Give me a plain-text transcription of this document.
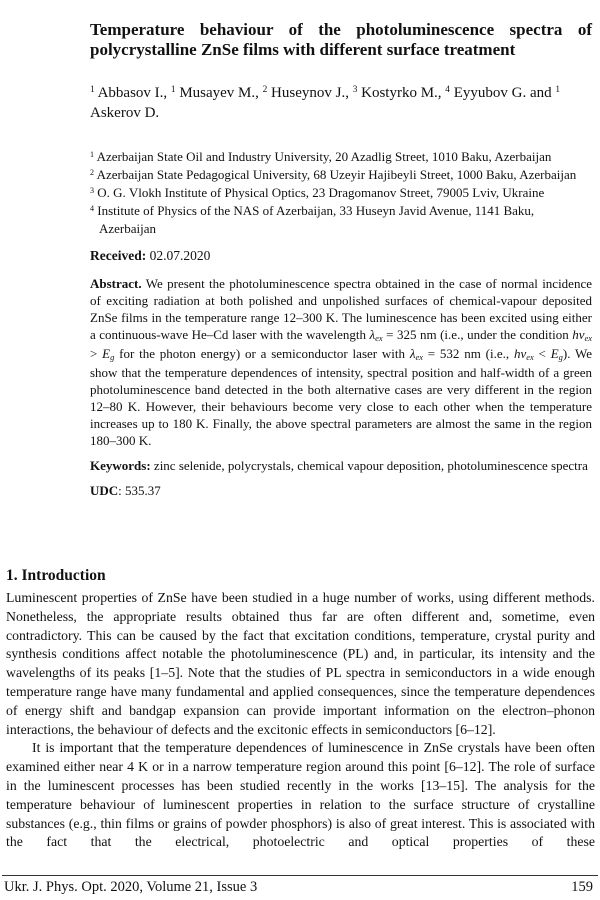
Temperature behaviour of the photoluminescence spectra of polycrystalline ZnSe films with different surface treatment

$^1$ Abbasov I., $^1$ Musayev M., $^2$ Huseynov J., $^3$ Kostyrko M., $^4$ Eyyubov G. and $^1$ Askerov D.

$^1$ Azerbaijan State Oil and Industry University, 20 Azadlig Street, 1010 Baku, Azerbaijan
$^2$ Azerbaijan State Pedagogical University, 68 Uzeyir Hajibeyli Street, 1000 Baku, Azerbaijan
$^3$ O. G. Vlokh Institute of Physical Optics, 23 Dragomanov Street, 79005 Lviv, Ukraine
$^4$ Institute of Physics of the NAS of Azerbaijan, 33 Huseyn Javid Avenue, 1141 Baku, Azerbaijan

Received: 02.07.2020

Abstract. We present the photoluminescence spectra obtained in the case of normal incidence of exciting radiation at both polished and unpolished surfaces of chemical-vapour deposited ZnSe films in the temperature range 12–300 K. The luminescence has been excited using either a continuous-wave He–Cd laser with the wavelength λex = 325 nm (i.e., under the condition hνex > Eg for the photon energy) or a semiconductor laser with λex = 532 nm (i.e., hνex < Eg). We show that the temperature dependences of intensity, spectral position and half-width of a green photoluminescence band detected in the both alternative cases are very different in the region 12–80 K. However, their behaviours become very close to each other when the temperature increases up to 180 K. Finally, the above spectral parameters are almost the same in the region 180–300 K.

Keywords: zinc selenide, polycrystals, chemical vapour deposition, photoluminescence spectra

UDC: 535.37

1. Introduction

Luminescent properties of ZnSe have been studied in a huge number of works, using different methods. Nonetheless, the appropriate results obtained thus far are often different and, sometime, even contradictory. This can be caused by the fact that excitation conditions, temperature, crystal purity and synthesis conditions affect notable the photoluminescence (PL) and, in particular, its intensity and the wavelengths of its peaks [1–5]. Note that the studies of PL spectra in semiconductors in a wide enough temperature range have many fundamental and applied consequences, since the temperature dependences of energy shift and bandgap expansion can provide important information on the electron–phonon interactions, the behaviour of defects and the excitonic effects in semiconductors [6–12].

It is important that the temperature dependences of luminescence in ZnSe crystals have been often examined either near 4 K or in a narrow temperature region around this point [6–12]. The role of surface in the luminescent processes has been studied recently in the works [13–15]. The analysis for the temperature behaviour of luminescent properties in relation to the surface structure of crystalline substances (e.g., thin films or grains of powder phosphors) is also of great interest. This is associated with the fact that the electrical, photoelectric and optical properties of these

Ukr. J. Phys. Opt. 2020, Volume 21, Issue 3	159
